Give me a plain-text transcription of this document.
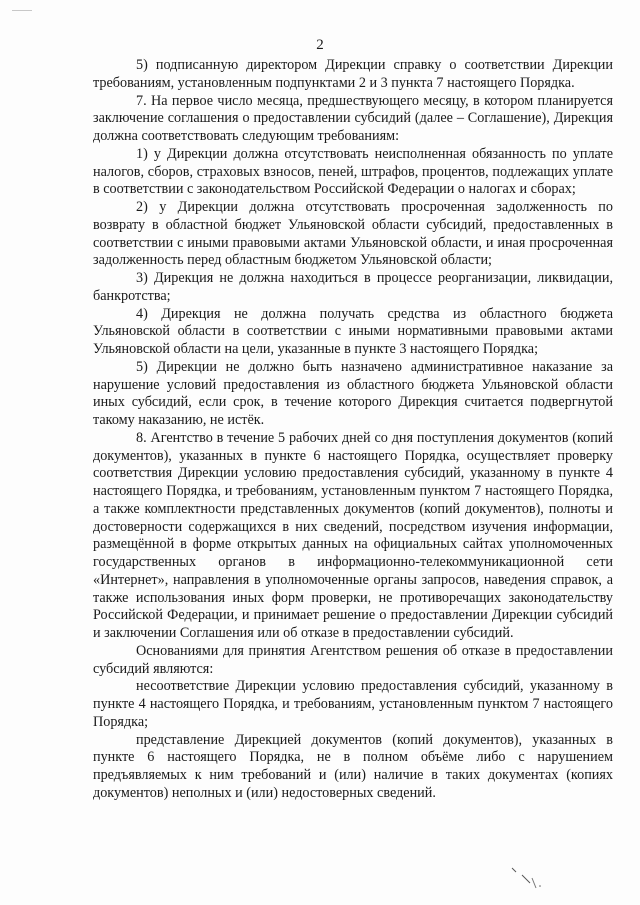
2

5) подписанную директором Дирекции справку о соответствии Дирекции требованиям, установленным подпунктами 2 и 3 пункта 7 настоящего Порядка.

7. На первое число месяца, предшествующего месяцу, в котором планируется заключение соглашения о предоставлении субсидий (далее – Соглашение), Дирекция должна соответствовать следующим требованиям:

1) у Дирекции должна отсутствовать неисполненная обязанность по уплате налогов, сборов, страховых взносов, пеней, штрафов, процентов, подлежащих уплате в соответствии с законодательством Российской Федерации о налогах и сборах;

2) у Дирекции должна отсутствовать просроченная задолженность по возврату в областной бюджет Ульяновской области субсидий, предоставленных в соответствии с иными правовыми актами Ульяновской области, и иная просроченная задолженность перед областным бюджетом Ульяновской области;

3) Дирекция не должна находиться в процессе реорганизации, ликвидации, банкротства;

4) Дирекция не должна получать средства из областного бюджета Ульяновской области в соответствии с иными нормативными правовыми актами Ульяновской области на цели, указанные в пункте 3 настоящего Порядка;

5) Дирекции не должно быть назначено административное наказание за нарушение условий предоставления из областного бюджета Ульяновской области иных субсидий, если срок, в течение которого Дирекция считается подвергнутой такому наказанию, не истёк.

8. Агентство в течение 5 рабочих дней со дня поступления документов (копий документов), указанных в пункте 6 настоящего Порядка, осуществляет проверку соответствия Дирекции условию предоставления субсидий, указанному в пункте 4 настоящего Порядка, и требованиям, установленным пунктом 7 настоящего Порядка, а также комплектности представленных документов (копий документов), полноты и достоверности содержащихся в них сведений, посредством изучения информации, размещённой в форме открытых данных на официальных сайтах уполномоченных государственных органов в информационно-телекоммуникационной сети «Интернет», направления в уполномоченные органы запросов, наведения справок, а также использования иных форм проверки, не противоречащих законодательству Российской Федерации, и принимает решение о предоставлении Дирекции субсидий и заключении Соглашения или об отказе в предоставлении субсидий.

Основаниями для принятия Агентством решения об отказе в предоставлении субсидий являются:

несоответствие Дирекции условию предоставления субсидий, указанному в пункте 4 настоящего Порядка, и требованиям, установленным пунктом 7 настоящего Порядка;

представление Дирекцией документов (копий документов), указанных в пункте 6 настоящего Порядка, не в полном объёме либо с нарушением предъявляемых к ним требований и (или) наличие в таких документах (копиях документов) неполных и (или) недостоверных сведений.
